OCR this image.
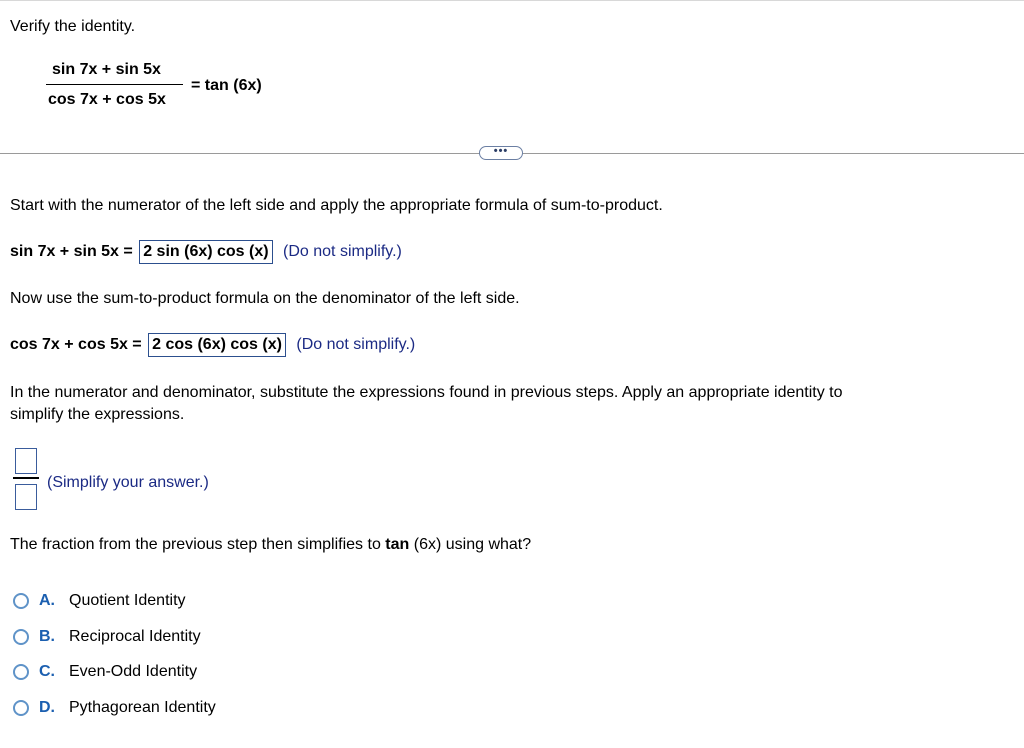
Verify the identity.
sin 7x + sin 5x
cos 7x + cos 5x
= tan (6x)
•••
Start with the numerator of the left side and apply the appropriate formula of sum-to-product.
sin 7x + sin 5x = 2 sin (6x) cos (x) (Do not simplify.)
Now use the sum-to-product formula on the denominator of the left side.
cos 7x + cos 5x = 2 cos (6x) cos (x) (Do not simplify.)
In the numerator and denominator, substitute the expressions found in previous steps. Apply an appropriate identity to
simplify the expressions.
(Simplify your answer.)
The fraction from the previous step then simplifies to tan (6x) using what?
A. Quotient Identity
B. Reciprocal Identity
C. Even-Odd Identity
D. Pythagorean Identity
